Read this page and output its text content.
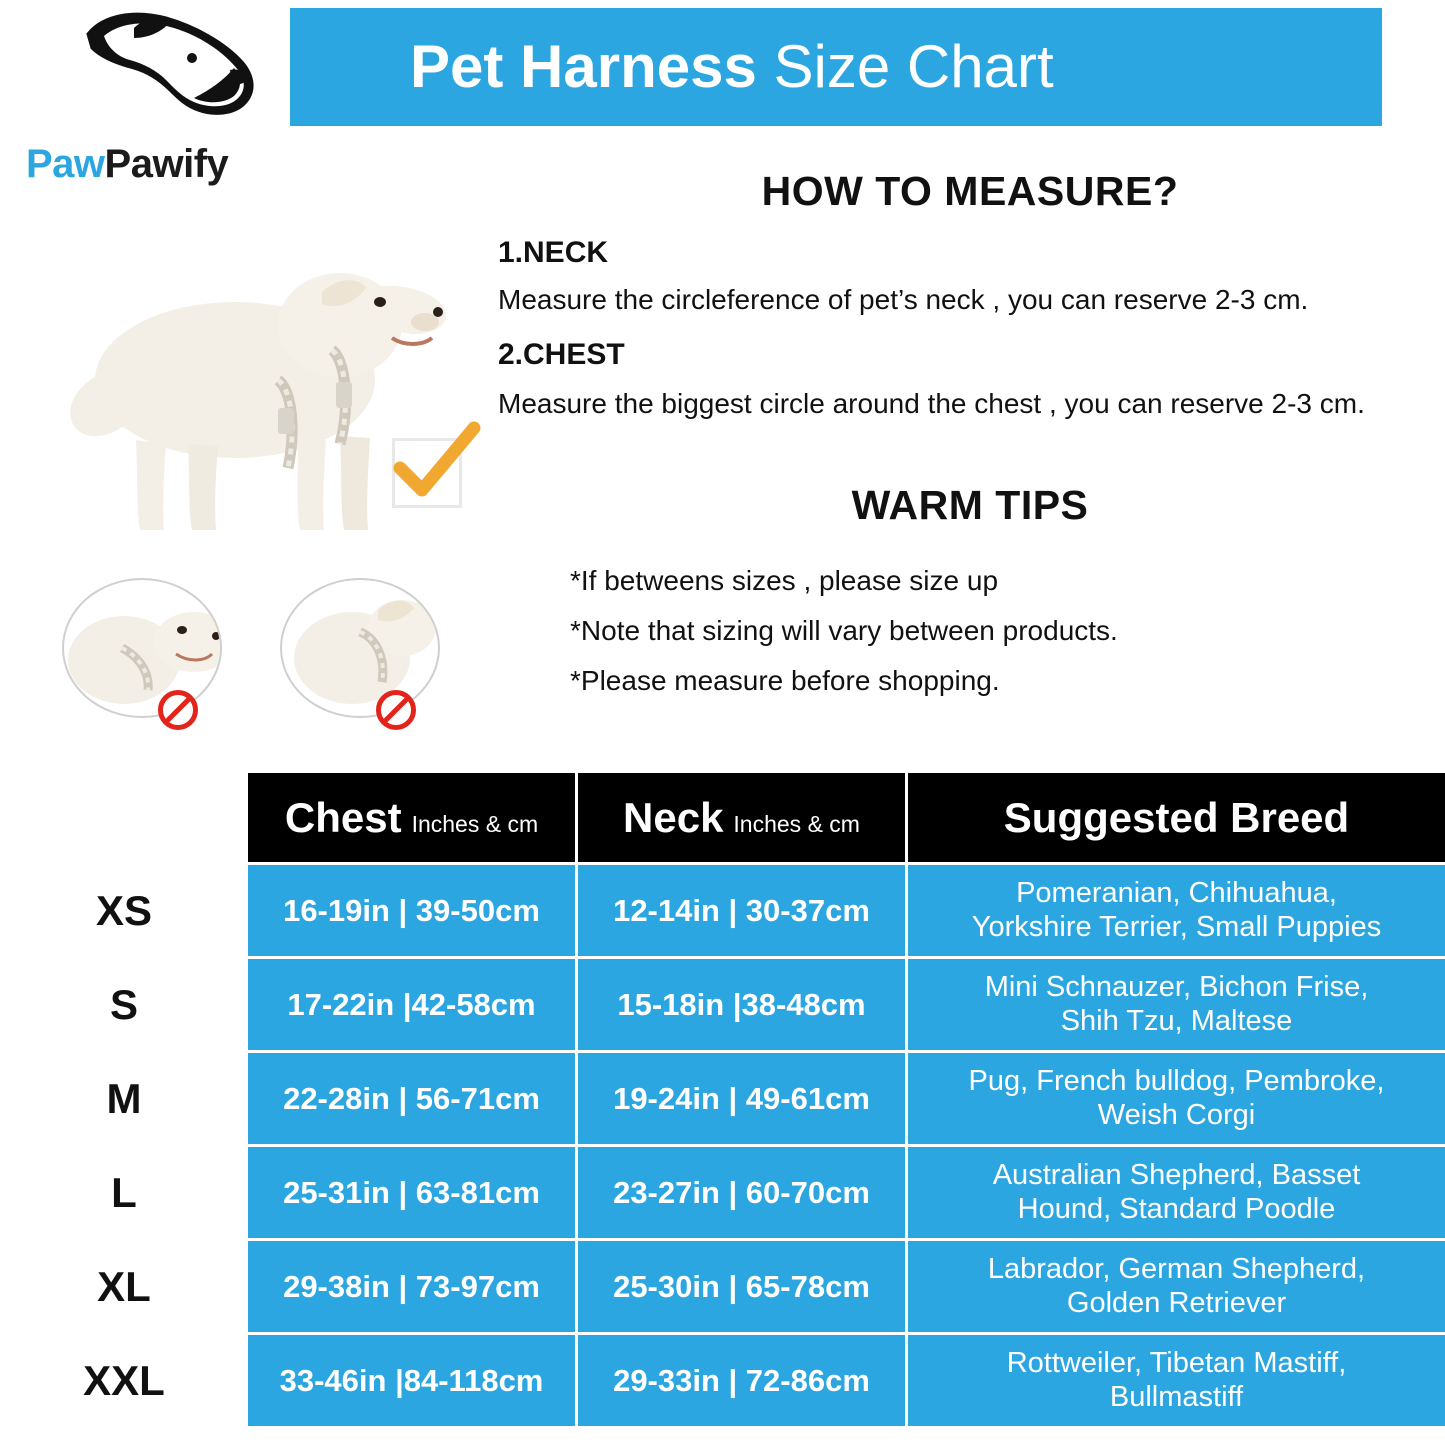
Pet Harness Size Chart
PawPawify
HOW TO MEASURE?
1.NECK
Measure the circleference of pet’s neck , you can reserve 2-3 cm.
2.CHEST
Measure the biggest circle around the chest , you can reserve 2-3 cm.
WARM TIPS
*If betweens sizes , please size up
*Note that sizing will vary between products.
*Please measure before shopping.
	Chest Inches & cm	Neck Inches & cm	Suggested Breed
XS	16-19in | 39-50cm	12-14in | 30-37cm	Pomeranian, Chihuahua,
Yorkshire Terrier, Small Puppies

S	17-22in |42-58cm	15-18in |38-48cm	Mini Schnauzer, Bichon Frise,
Shih Tzu, Maltese

M	22-28in | 56-71cm	19-24in | 49-61cm	Pug, French bulldog, Pembroke,
Weish Corgi

L	25-31in | 63-81cm	23-27in | 60-70cm	Australian Shepherd, Basset
Hound, Standard Poodle

XL	29-38in | 73-97cm	25-30in | 65-78cm	Labrador, German Shepherd,
Golden Retriever

XXL	33-46in |84-118cm	29-33in | 72-86cm	Rottweiler, Tibetan Mastiff,
Bullmastiff
